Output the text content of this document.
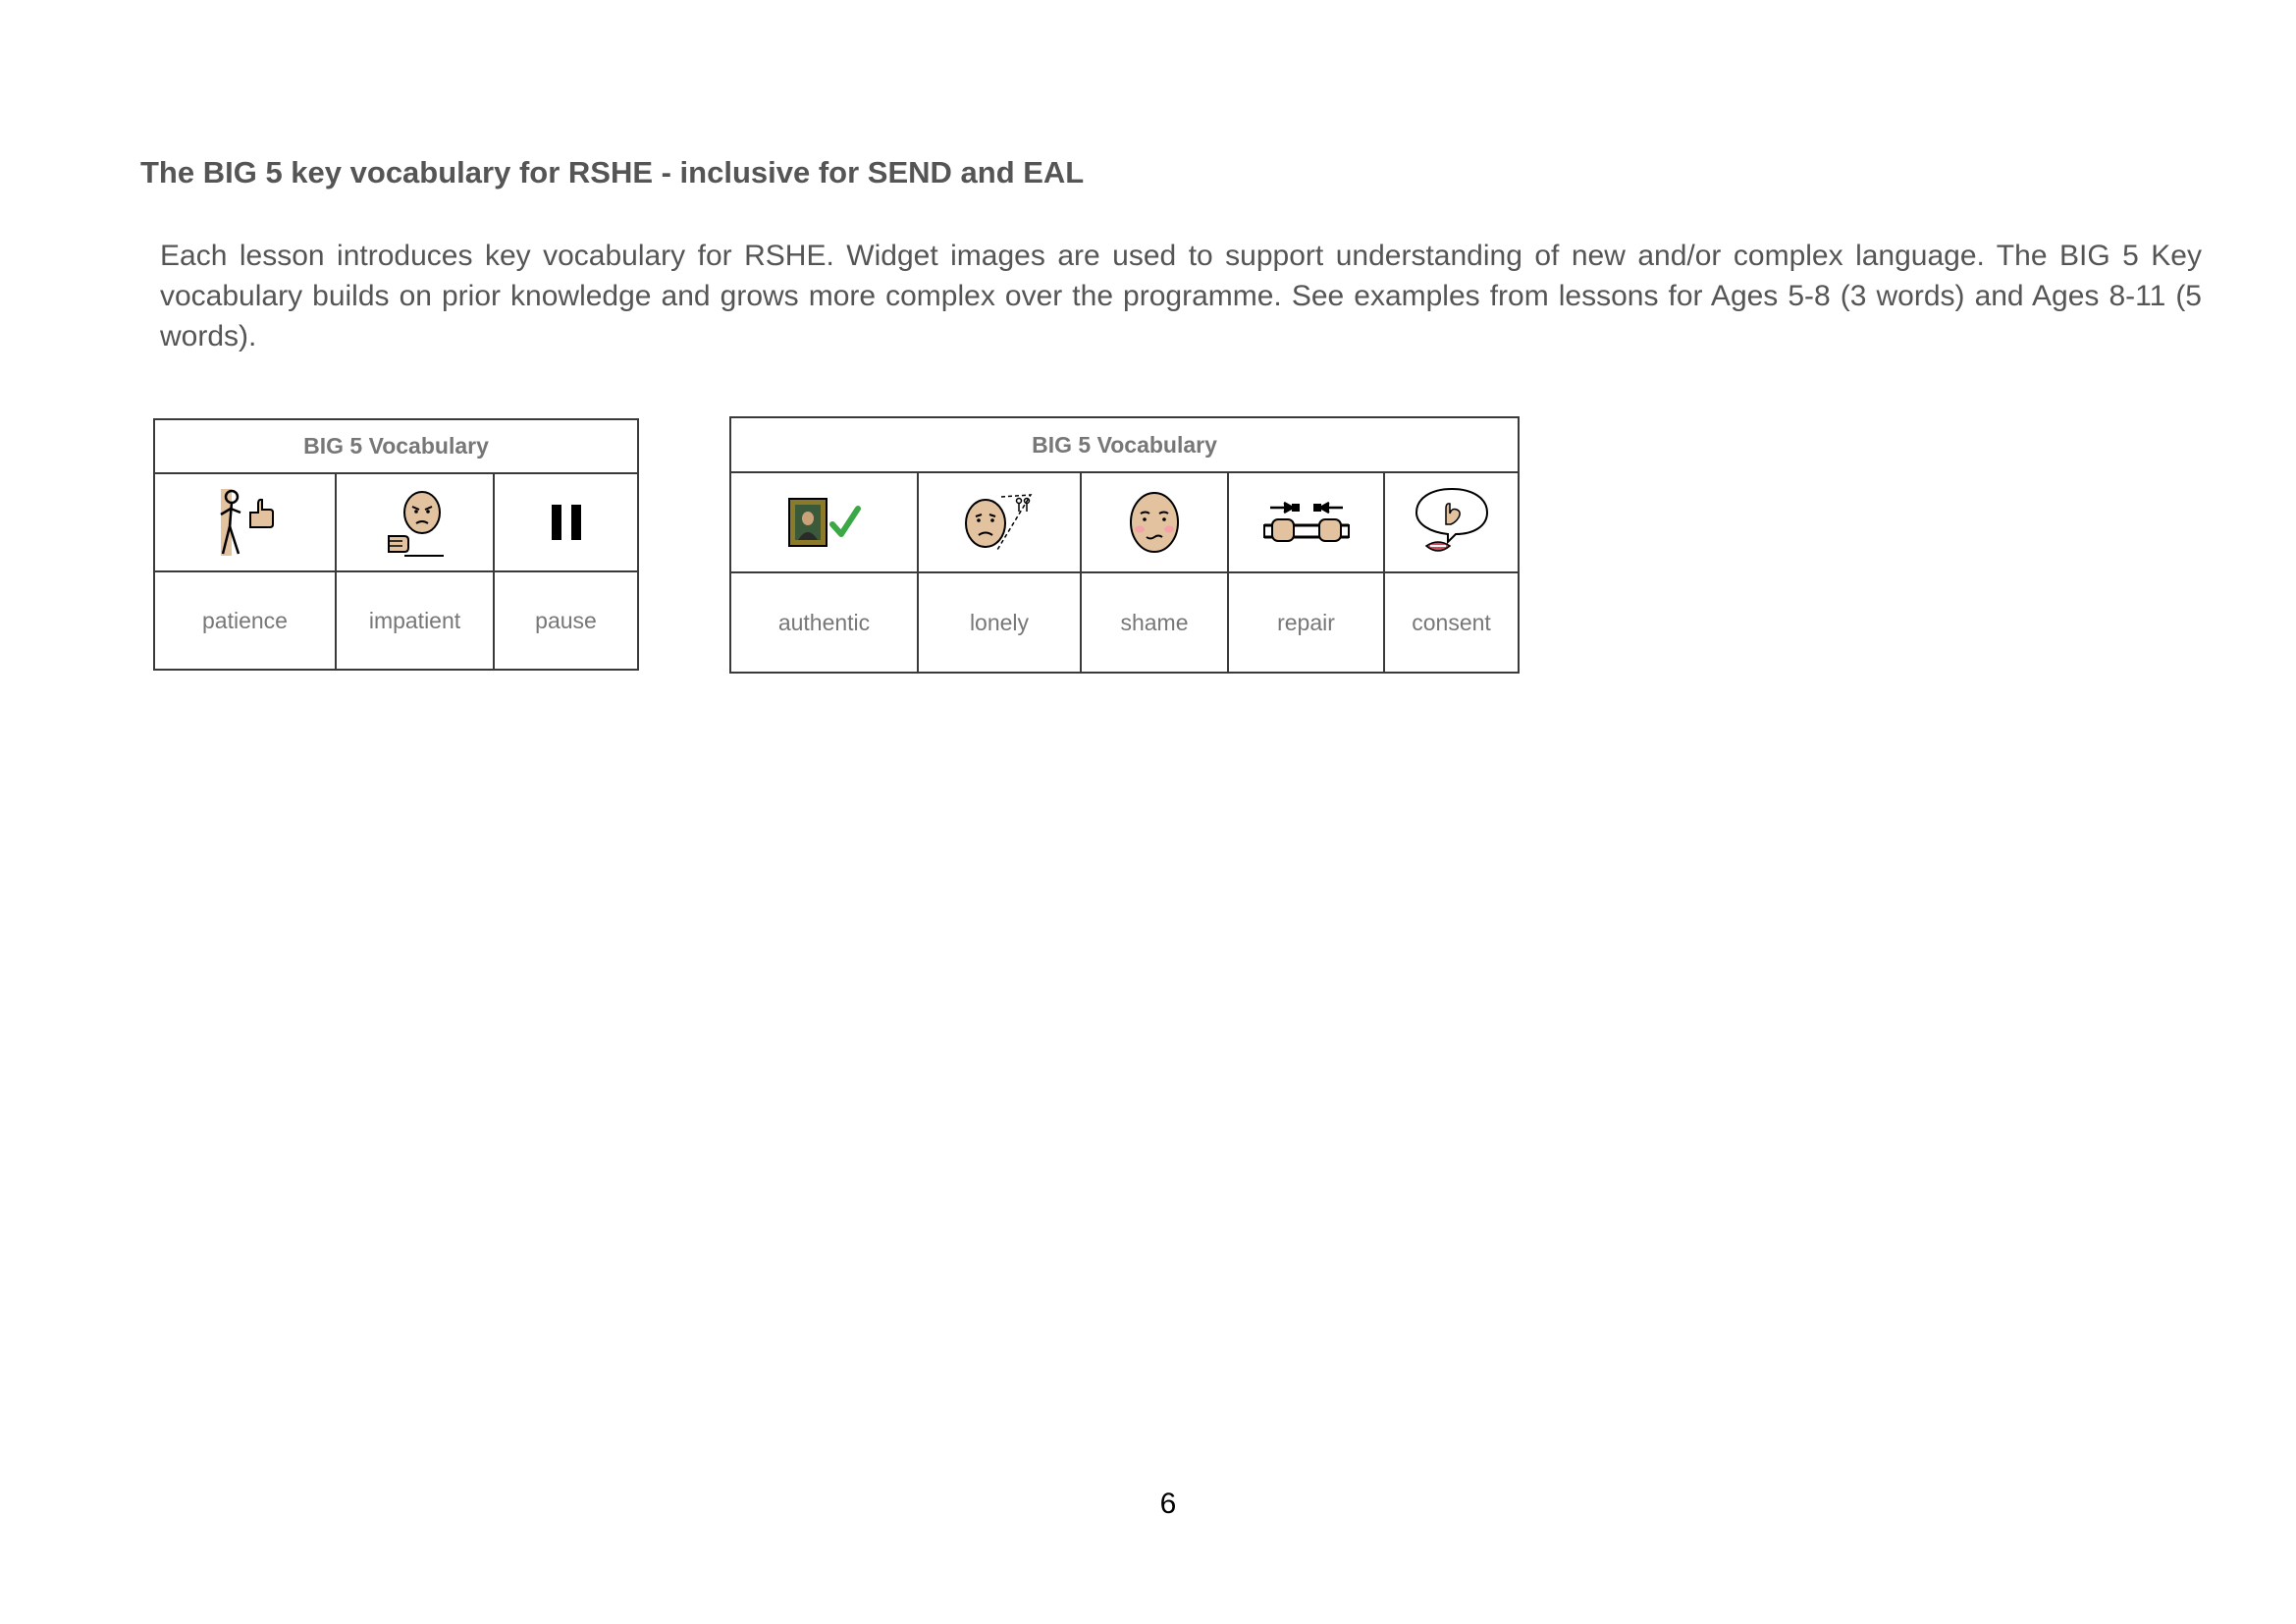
The BIG 5 key vocabulary for RSHE - inclusive for SEND and EAL

Each lesson introduces key vocabulary for RSHE. Widget images are used to support understanding of new and/or complex language. The BIG 5 Key vocabulary builds on prior knowledge and grows more complex over the programme. See examples from lessons for Ages 5-8 (3 words) and Ages 8-11 (5 words).

BIG 5 Vocabulary		

patience	impatient	pause
BIG 5 Vocabulary				

authentic	lonely	shame	repair	consent
6
